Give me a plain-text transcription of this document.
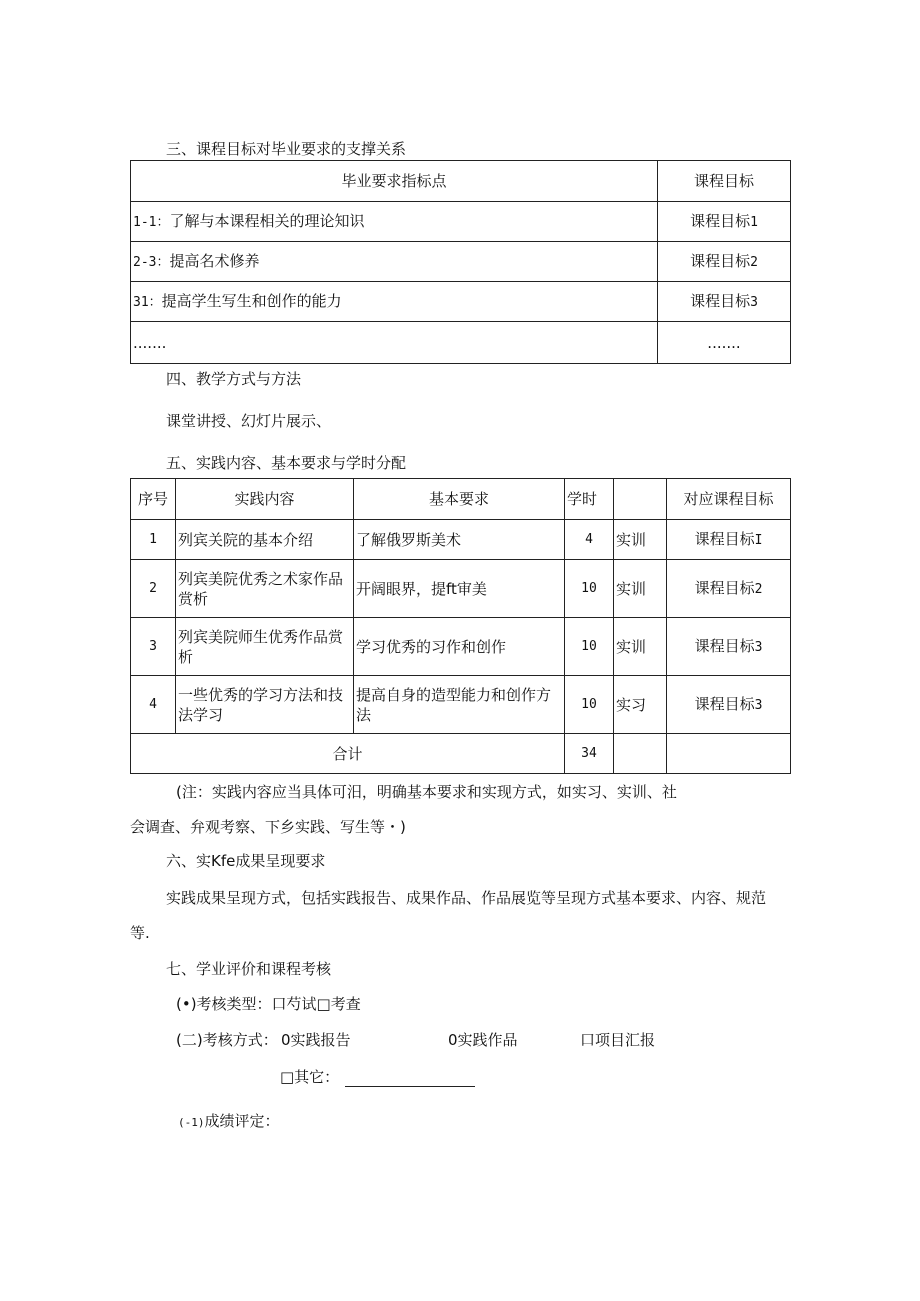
三、课程目标对毕业要求的支撑关系
毕业要求指标点	课程目标
1-1：了解与本课程相关的理论知识	课程目标1
2-3：提高名术修养	课程目标2
31：提高学生写生和创作的能力	课程目标3
.......	.......
四、教学方式与方法
课堂讲授、幻灯片展示、
五、实践内容、基本要求与学时分配
序号	实践内容	基本要求	学时		对应课程目标
1	列宾关院的基本介绍	了解俄罗斯美术	4	实训	课程目标I
2	列宾美院优秀之术家作品赏析	开阔眼界，提ft审美	10	实训	课程目标2
3	列宾美院师生优秀作品赏析	学习优秀的习作和创作	10	实训	课程目标3
4	一些优秀的学习方法和技法学习	提高自身的造型能力和创作方法	10	实习	课程目标3
合计			34		
(注：实践内容应当具体可汨，明确基本要求和实现方式，如实习、实训、社
会调查、弁观考察、下乡实践、写生等・)
六、实Kfe成果呈现要求
实践成果呈现方式，包括实践报告、成果作品、作品展览等呈现方式基本要求、内容、规范
等.
七、学业评价和课程考核
(•)考核类型：口芍试□考查
(二)考核方式： 0实践报告	0实践作品	口项目汇报
□其它：
(-1)成绩评定：
